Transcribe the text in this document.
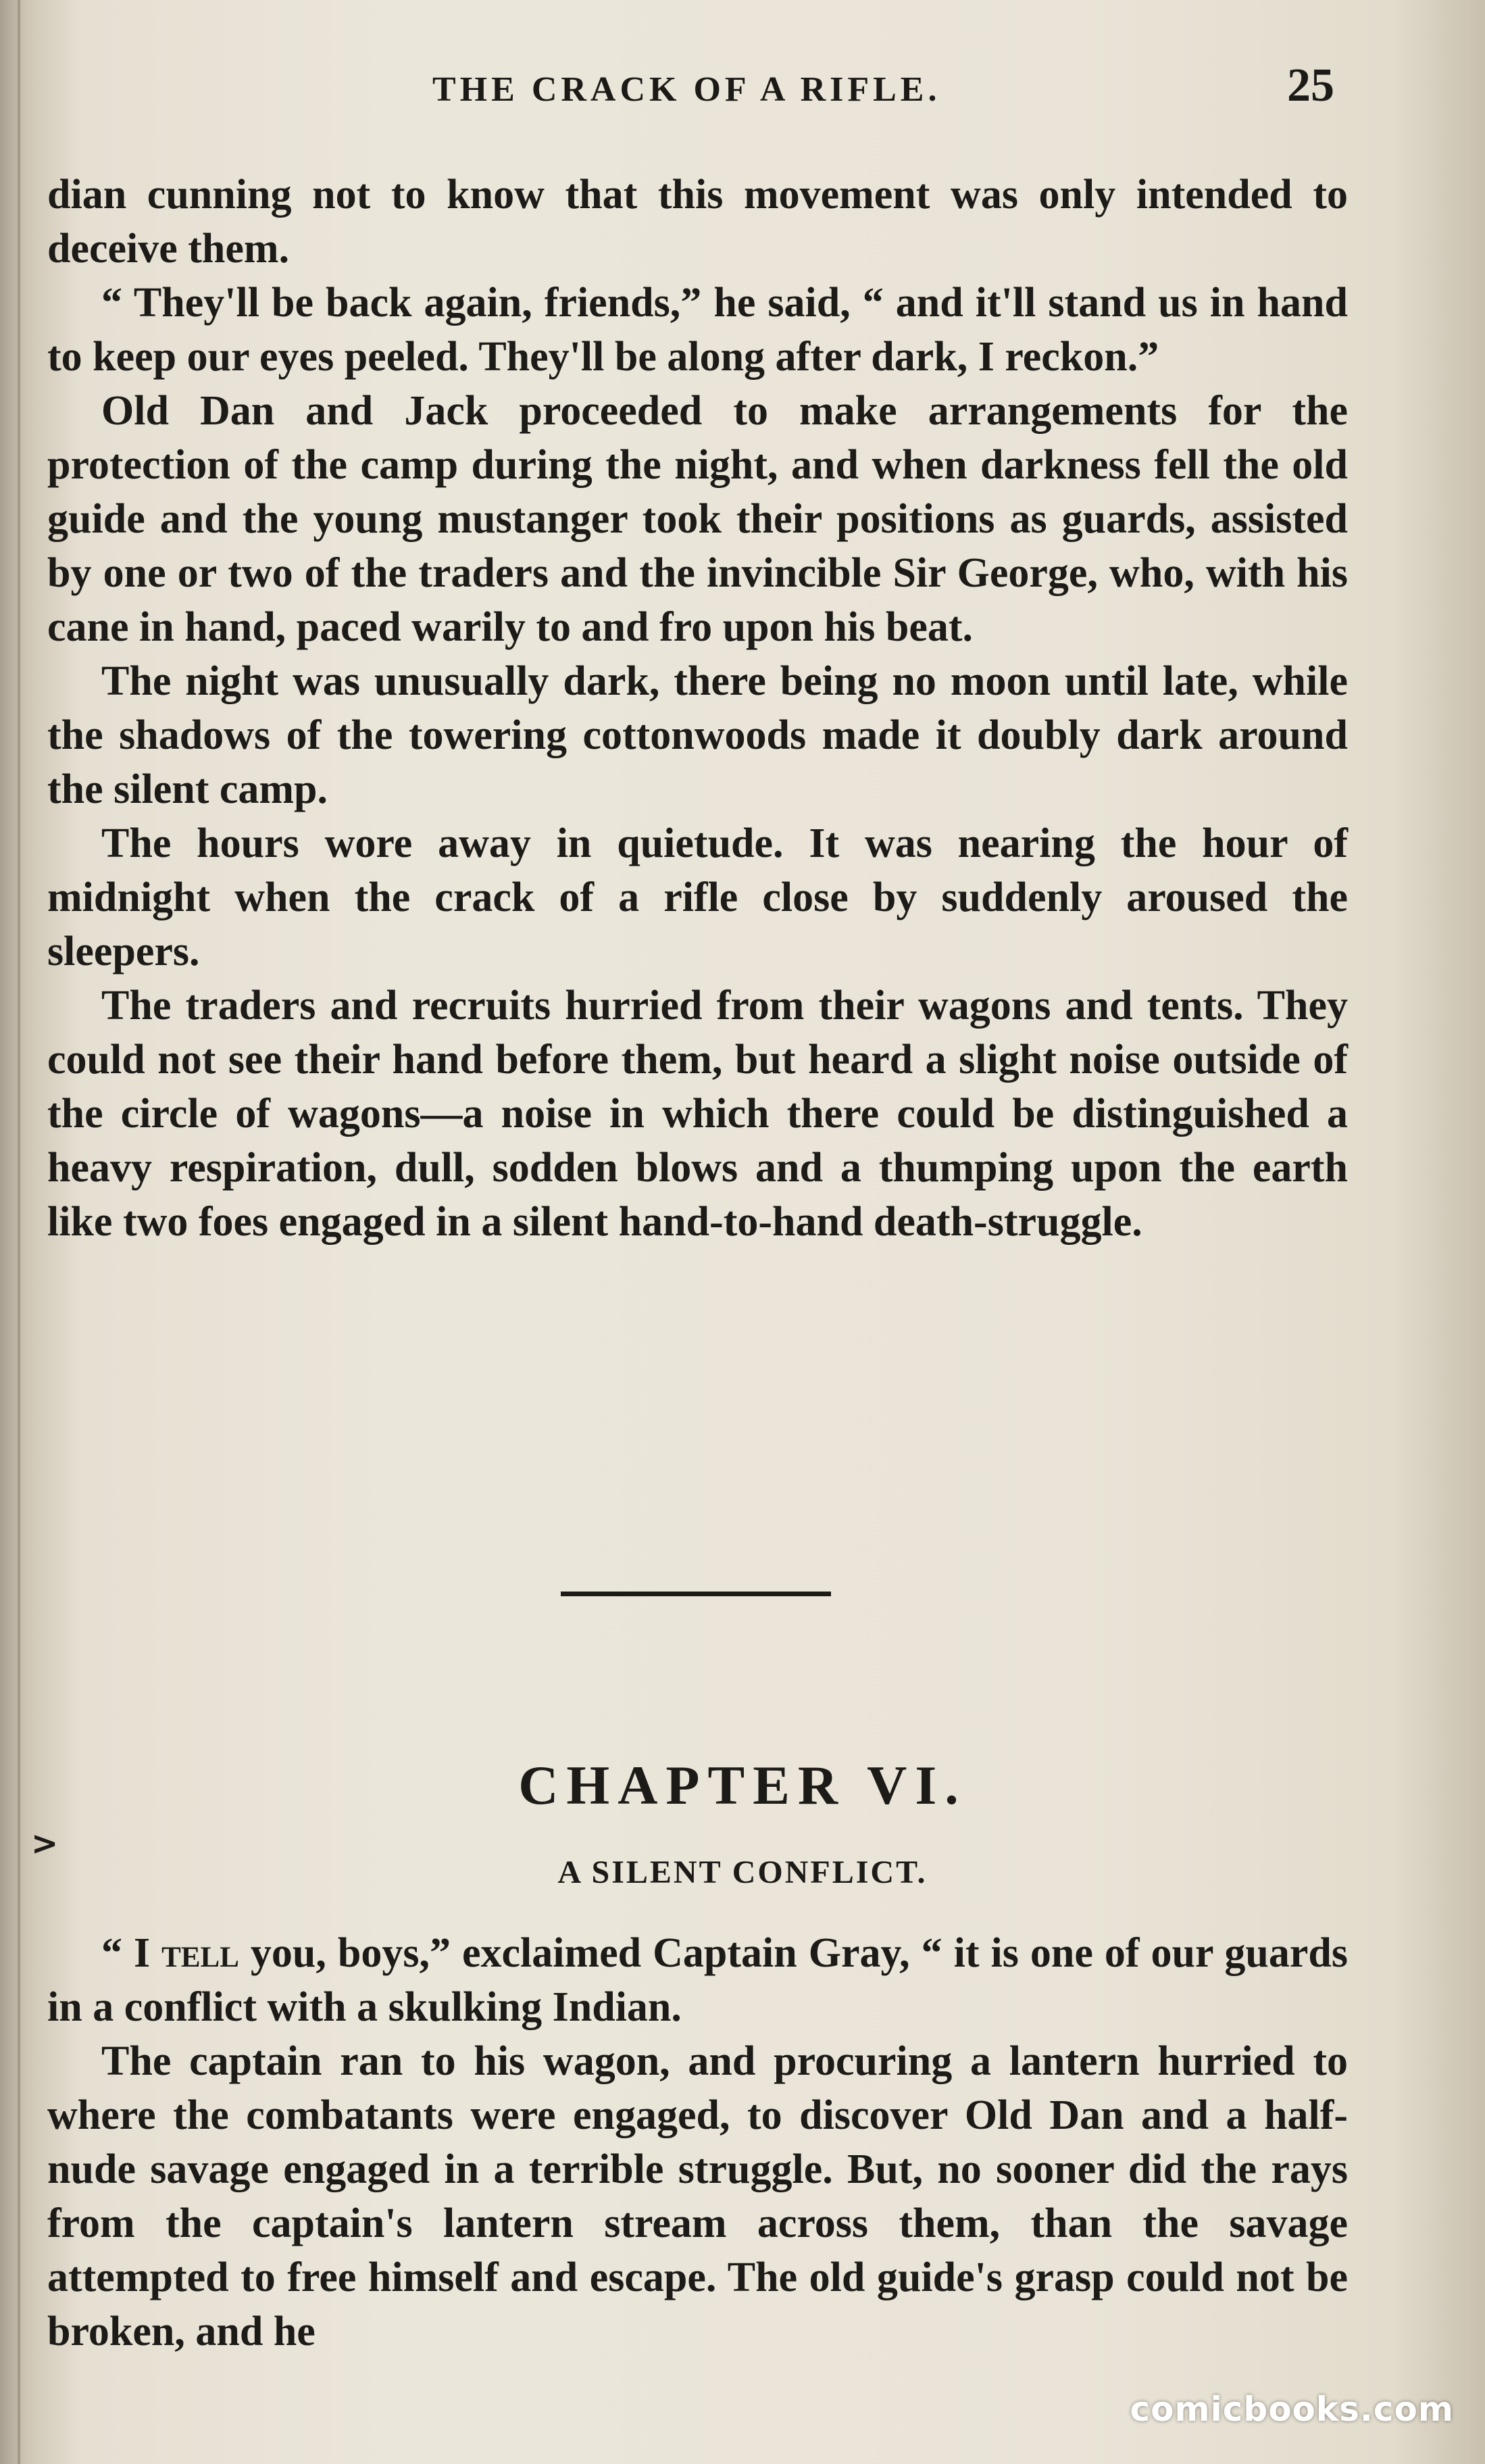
THE CRACK OF A RIFLE.	25

dian cunning not to know that this movement was only intended to deceive them.

“ They'll be back again, friends,” he said, “ and it'll stand us in hand to keep our eyes peeled. They'll be along after dark, I reckon.”

Old Dan and Jack proceeded to make arrangements for the protection of the camp during the night, and when darkness fell the old guide and the young mustanger took their positions as guards, assisted by one or two of the traders and the invincible Sir George, who, with his cane in hand, paced warily to and fro upon his beat.

The night was unusually dark, there being no moon until late, while the shadows of the towering cottonwoods made it doubly dark around the silent camp.

The hours wore away in quietude. It was nearing the hour of midnight when the crack of a rifle close by suddenly aroused the sleepers.

The traders and recruits hurried from their wagons and tents. They could not see their hand before them, but heard a slight noise outside of the circle of wagons—a noise in which there could be distinguished a heavy respiration, dull, sodden blows and a thumping upon the earth like two foes engaged in a silent hand-to-hand death-struggle.

>
CHAPTER VI.
A SILENT CONFLICT.

“ I tell you, boys,” exclaimed Captain Gray, “ it is one of our guards in a conflict with a skulking Indian.

The captain ran to his wagon, and procuring a lantern hurried to where the combatants were engaged, to discover Old Dan and a half-nude savage engaged in a terrible struggle. But, no sooner did the rays from the captain's lantern stream across them, than the savage attempted to free himself and escape. The old guide's grasp could not be broken, and he

comicbooks.com
